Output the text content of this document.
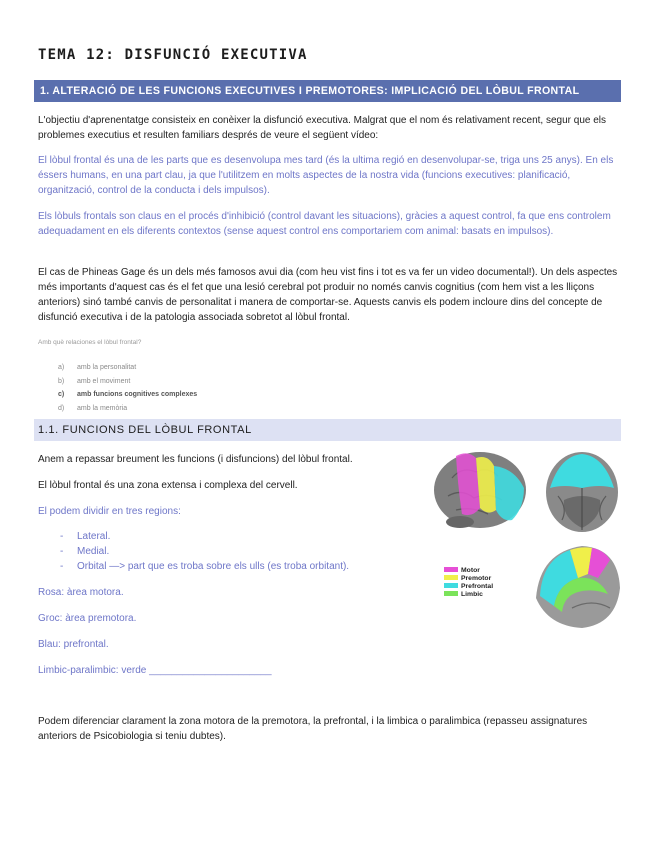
TEMA 12: DISFUNCIÓ EXECUTIVA
1. ALTERACIÓ DE LES FUNCIONS EXECUTIVES I PREMOTORES: IMPLICACIÓ DEL LÒBUL FRONTAL

L'objectiu d'aprenentatge consisteix en conèixer la disfunció executiva. Malgrat que el nom és relativament recent, segur que els problemes executius et resulten familiars després de veure el següent vídeo:

El lòbul frontal és una de les parts que es desenvolupa mes tard (és la ultima regió en desenvolupar-se, triga uns 25 anys). En els éssers humans, en una part clau, ja que l'utilitzem en molts aspectes de la nostra vida (funcions executives: planificació, organització, control de la conducta i dels impulsos).

Els lòbuls frontals son claus en el procés d'inhibició (control davant les situacions), gràcies a aquest control, fa que ens controlem adequadament en els diferents contextos (sense aquest control ens comportariem com animal: basats en impulsos).

El cas de Phineas Gage és un dels més famosos avui dia (com heu vist fins i tot es va fer un video documental!). Un dels aspectes més importants d'aquest cas és el fet que una lesió cerebral pot produir no només canvis cognitius (com hem vist a les lliçons anteriors) sinó també canvis de personalitat i manera de comportar-se. Aquests canvis els podem incloure dins del concepte de disfunció executiva i de la patologia associada sobretot al lòbul frontal.

Amb què relaciones el lòbul frontal?
a)	amb la personalitat
b)	amb el moviment
c)	amb funcions cognitives complexes
d)	amb la memòria
1.1. FUNCIONS DEL LÒBUL FRONTAL

Anem a repassar breument les funcions (i disfuncions) del lòbul frontal.

El lòbul frontal és una zona extensa i complexa del cervell.

El podem dividir en tres regions:

-	Lateral.
-	Medial.
-	Orbital —> part que es troba sobre els ulls (es troba orbitant).

Rosa: àrea motora.

Groc: àrea premotora.

Blau: prefrontal.

Limbic-paralimbic: verde ______________________

Podem diferenciar clarament la zona motora de la premotora, la prefrontal, i la limbica o paralimbica (repasseu assignatures anteriors de Psicobiologia si teniu dubtes).

Motor
Premotor
Prefrontal
Limbic
